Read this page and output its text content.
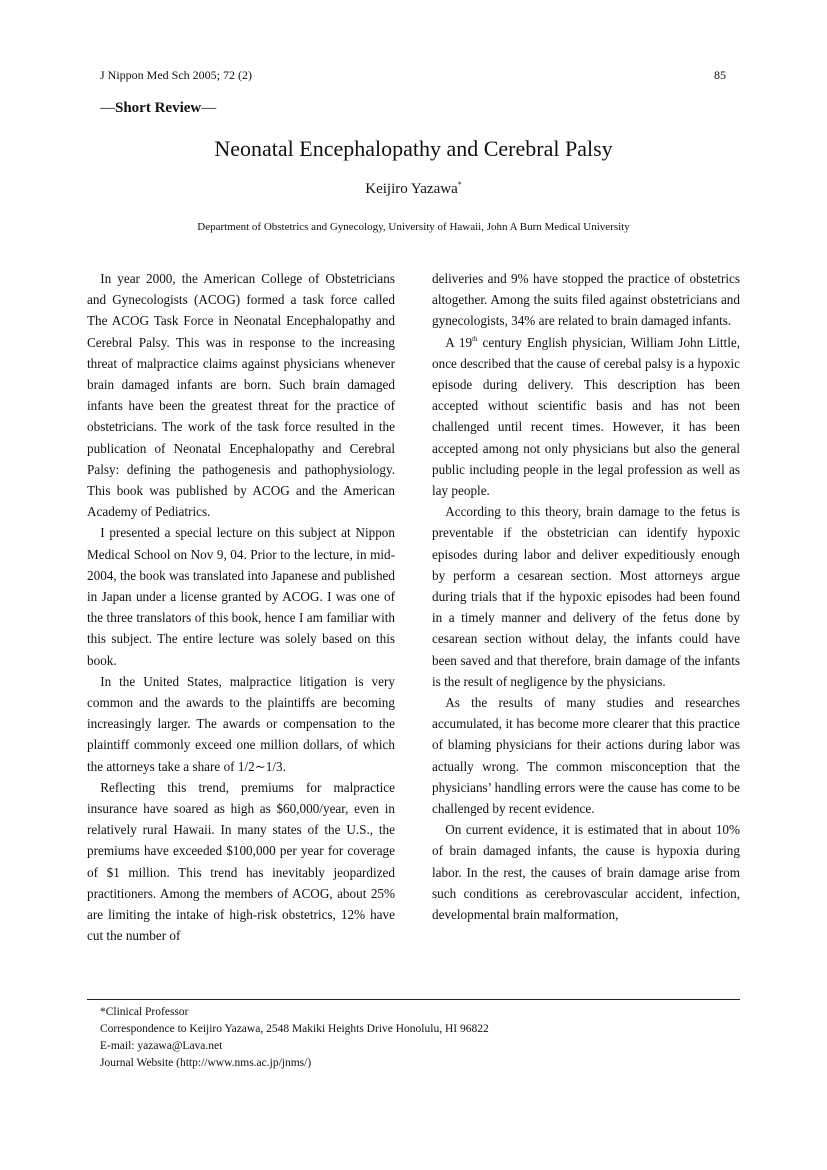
J Nippon Med Sch 2005; 72 (2)	85
—Short Review—
Neonatal Encephalopathy and Cerebral Palsy
Keijiro Yazawa*
Department of Obstetrics and Gynecology, University of Hawaii, John A Burn Medical University

In year 2000, the American College of Obstetricians and Gynecologists (ACOG) formed a task force called The ACOG Task Force in Neonatal Encephalopathy and Cerebral Palsy. This was in response to the increasing threat of malpractice claims against physicians whenever brain damaged infants are born. Such brain damaged infants have been the greatest threat for the practice of obstetricians. The work of the task force resulted in the publication of Neonatal Encephalopathy and Cerebral Palsy: defining the pathogenesis and pathophysiology. This book was published by ACOG and the American Academy of Pediatrics.

I presented a special lecture on this subject at Nippon Medical School on Nov 9, 04. Prior to the lecture, in mid-2004, the book was translated into Japanese and published in Japan under a license granted by ACOG. I was one of the three translators of this book, hence I am familiar with this subject. The entire lecture was solely based on this book.

In the United States, malpractice litigation is very common and the awards to the plaintiffs are becoming increasingly larger. The awards or compensation to the plaintiff commonly exceed one million dollars, of which the attorneys take a share of 1/2∼1/3.

Reflecting this trend, premiums for malpractice insurance have soared as high as $60,000/year, even in relatively rural Hawaii. In many states of the U.S., the premiums have exceeded $100,000 per year for coverage of $1 million. This trend has inevitably jeopardized practitioners. Among the members of ACOG, about 25% are limiting the intake of high-risk obstetrics, 12% have cut the number of

deliveries and 9% have stopped the practice of obstetrics altogether. Among the suits filed against obstetricians and gynecologists, 34% are related to brain damaged infants.

A 19th century English physician, William John Little, once described that the cause of cerebal palsy is a hypoxic episode during delivery. This description has been accepted without scientific basis and has not been challenged until recent times. However, it has been accepted among not only physicians but also the general public including people in the legal profession as well as lay people.

According to this theory, brain damage to the fetus is preventable if the obstetrician can identify hypoxic episodes during labor and deliver expeditiously enough by perform a cesarean section. Most attorneys argue during trials that if the hypoxic episodes had been found in a timely manner and delivery of the fetus done by cesarean section without delay, the infants could have been saved and that therefore, brain damage of the infants is the result of negligence by the physicians.

As the results of many studies and researches accumulated, it has become more clearer that this practice of blaming physicians for their actions during labor was actually wrong. The common misconception that the physicians’ handling errors were the cause has come to be challenged by recent evidence.

On current evidence, it is estimated that in about 10% of brain damaged infants, the cause is hypoxia during labor. In the rest, the causes of brain damage arise from such conditions as cerebrovascular accident, infection, developmental brain malformation,

*Clinical Professor
Correspondence to Keijiro Yazawa, 2548 Makiki Heights Drive Honolulu, HI 96822
E-mail: yazawa@Lava.net
Journal Website (http://www.nms.ac.jp/jnms/)
